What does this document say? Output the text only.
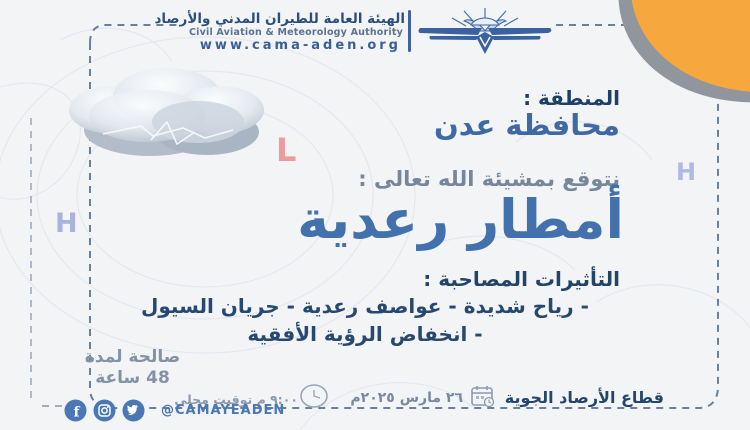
الهيئة العامة للطيران المدني والأرصاد
Civil Aviation & Meteorology Authority
www.cama-aden.org
L
H
H
المنطقة :
محافظة عدن
نتوقع بمشيئة الله تعالى :
أمطار رعدية
التأثيرات المصاحبة :
- رياح شديدة - عواصف رعدية - جريان السيول
- انخفاض الرؤية الأفقية
صالحة لمدة
48 ساعة
قطاع الأرصاد الجوية
٢٦ مارس ٢٠٢٥م
٩:٠٠ م توقيت محلي
f	@CAMAYEADEN
